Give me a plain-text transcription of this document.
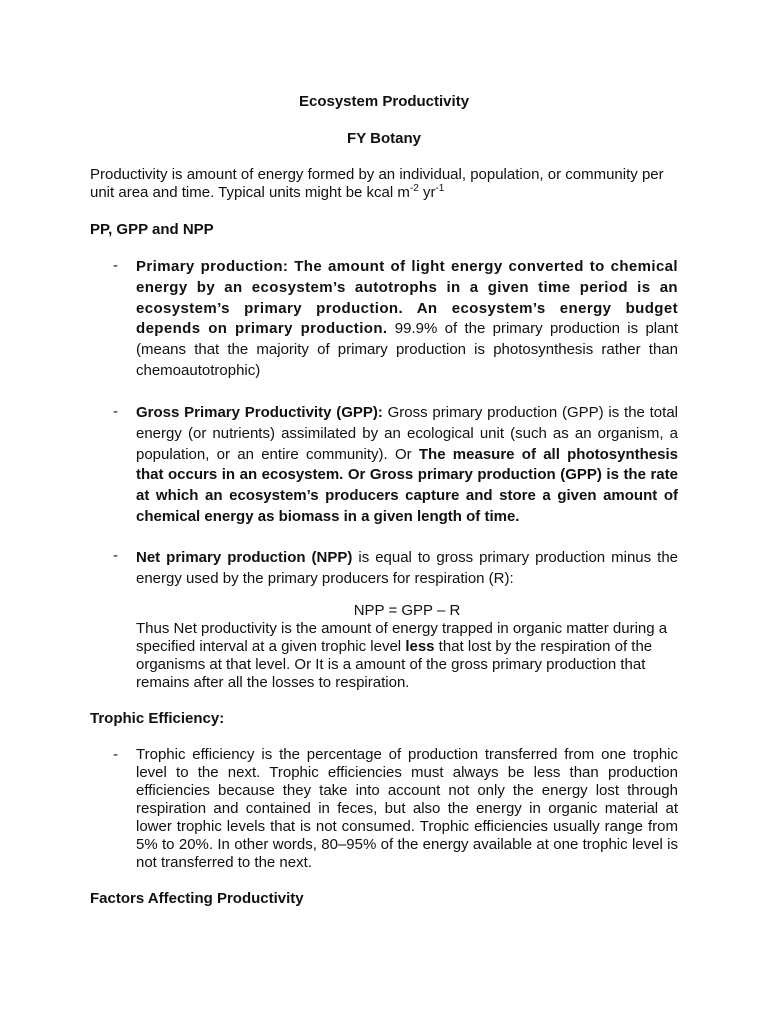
Ecosystem Productivity
FY Botany
Productivity is amount of energy formed by an individual, population, or community per unit area and time. Typical units might be kcal $m^{-2}$ $yr^{-1}$
PP, GPP and NPP
- Primary production: The amount of light energy converted to chemical energy by an ecosystem’s autotrophs in a given time period is an ecosystem’s primary production. An ecosystem’s energy budget depends on primary production. 99.9% of the primary production is plant (means that the majority of primary production is photosynthesis rather than chemoautotrophic)
- Gross Primary Productivity (GPP): Gross primary production (GPP) is the total energy (or nutrients) assimilated by an ecological unit (such as an organism, a population, or an entire community). Or The measure of all photosynthesis that occurs in an ecosystem. Or Gross primary production (GPP) is the rate at which an ecosystem’s producers capture and store a given amount of chemical energy as biomass in a given length of time.
- Net primary production (NPP) is equal to gross primary production minus the energy used by the primary producers for respiration (R):
NPP = GPP – R
Thus Net productivity is the amount of energy trapped in organic matter during a specified interval at a given trophic level less that lost by the respiration of the organisms at that level. Or It is a amount of the gross primary production that remains after all the losses to respiration.
Trophic Efficiency:
- Trophic efficiency is the percentage of production transferred from one trophic level to the next. Trophic efficiencies must always be less than production efficiencies because they take into account not only the energy lost through respiration and contained in feces, but also the energy in organic material at lower trophic levels that is not consumed. Trophic efficiencies usually range from 5% to 20%. In other words, 80–95% of the energy available at one trophic level is not transferred to the next.
Factors Affecting Productivity
